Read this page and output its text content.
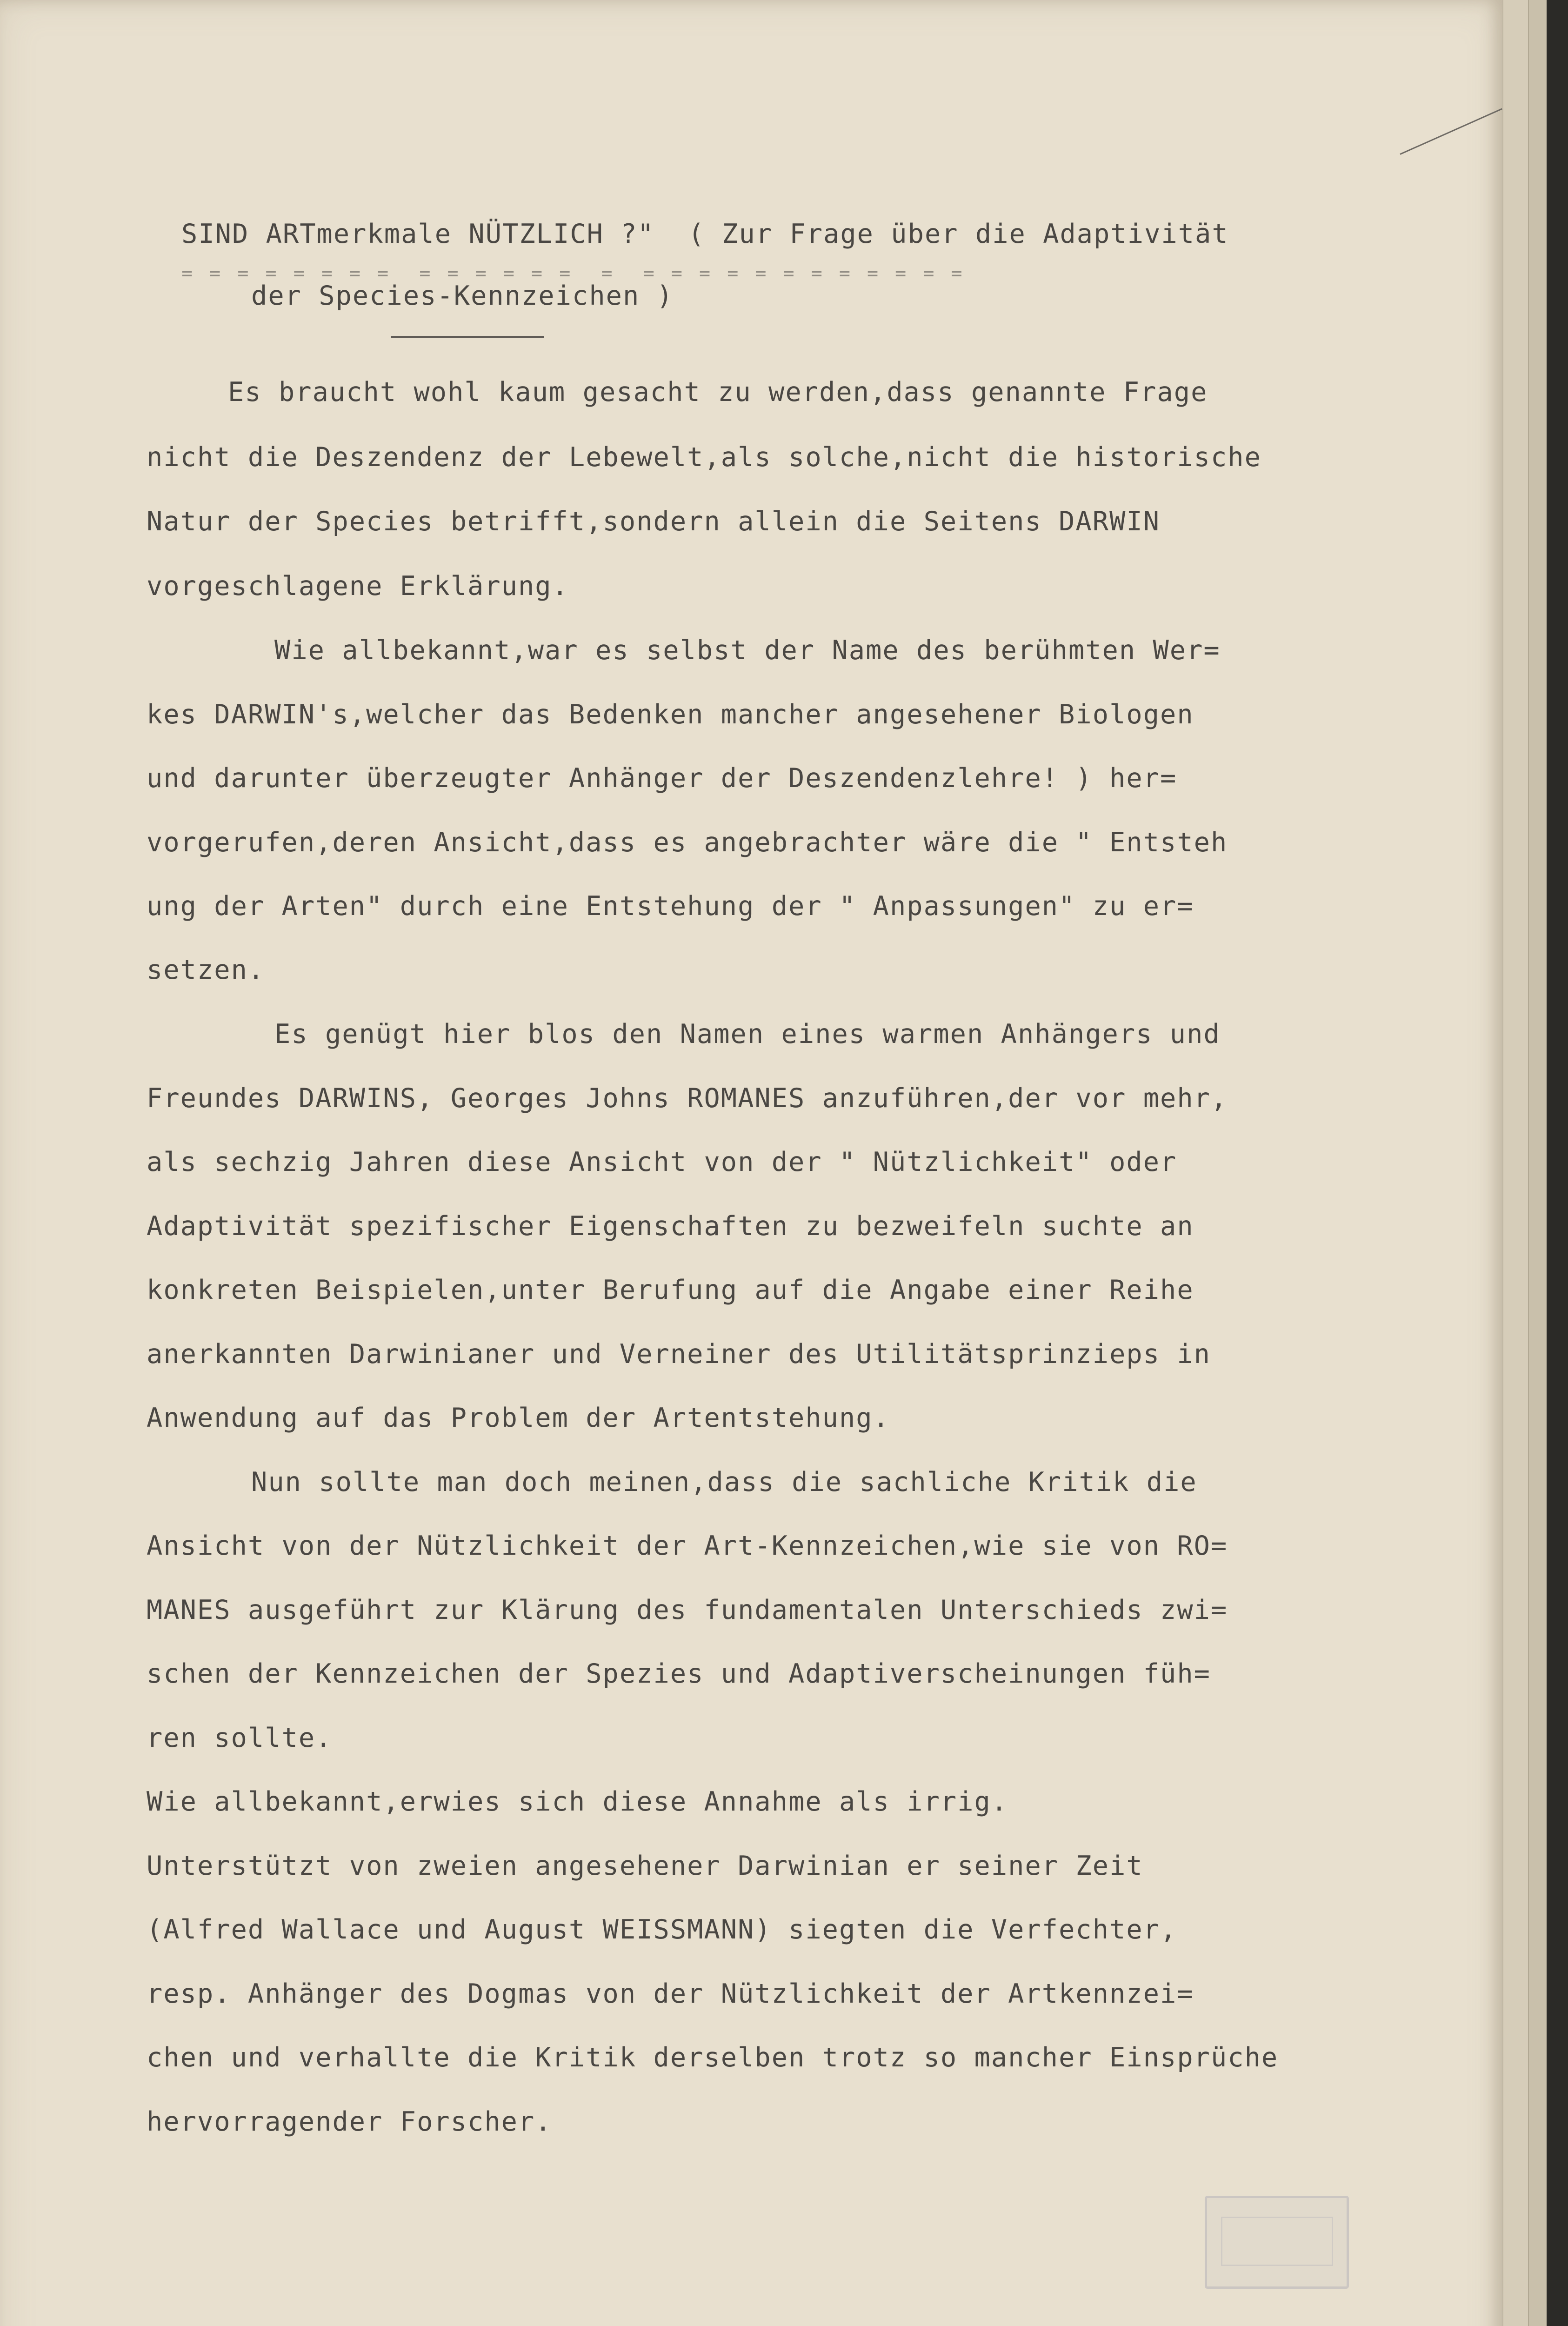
SIND ARTmerkmale NÜTZLICH ?"  ( Zur Frage über die Adaptivität
= = = = = = = =  = = = = = =  =  = = = = = = = = = = = =
der Species-Kennzeichen )
Es braucht wohl kaum gesacht zu werden,dass genannte Frage
nicht die Deszendenz der Lebewelt,als solche,nicht die historische
Natur der Species betrifft,sondern allein die Seitens DARWIN
vorgeschlagene Erklärung.
Wie allbekannt,war es selbst der Name des berühmten Wer=
kes DARWIN's,welcher das Bedenken mancher angesehener Biologen
und darunter überzeugter Anhänger der Deszendenzlehre! ) her=
vorgerufen,deren Ansicht,dass es angebrachter wäre die " Entsteh
ung der Arten" durch eine Entstehung der " Anpassungen" zu er=
setzen.
Es genügt hier blos den Namen eines warmen Anhängers und
Freundes DARWINS, Georges Johns ROMANES anzuführen,der vor mehr,
als sechzig Jahren diese Ansicht von der " Nützlichkeit" oder
Adaptivität spezifischer Eigenschaften zu bezweifeln suchte an
konkreten Beispielen,unter Berufung auf die Angabe einer Reihe
anerkannten Darwinianer und Verneiner des Utilitätsprinzieps in
Anwendung auf das Problem der Artentstehung.
Nun sollte man doch meinen,dass die sachliche Kritik die
Ansicht von der Nützlichkeit der Art-Kennzeichen,wie sie von RO=
MANES ausgeführt zur Klärung des fundamentalen Unterschieds zwi=
schen der Kennzeichen der Spezies und Adaptiverscheinungen füh=
ren sollte.
Wie allbekannt,erwies sich diese Annahme als irrig.
Unterstützt von zweien angesehener Darwinian er seiner Zeit
(Alfred Wallace und August WEISSMANN) siegten die Verfechter,
resp. Anhänger des Dogmas von der Nützlichkeit der Artkennzei=
chen und verhallte die Kritik derselben trotz so mancher Einsprüche
hervorragender Forscher.
